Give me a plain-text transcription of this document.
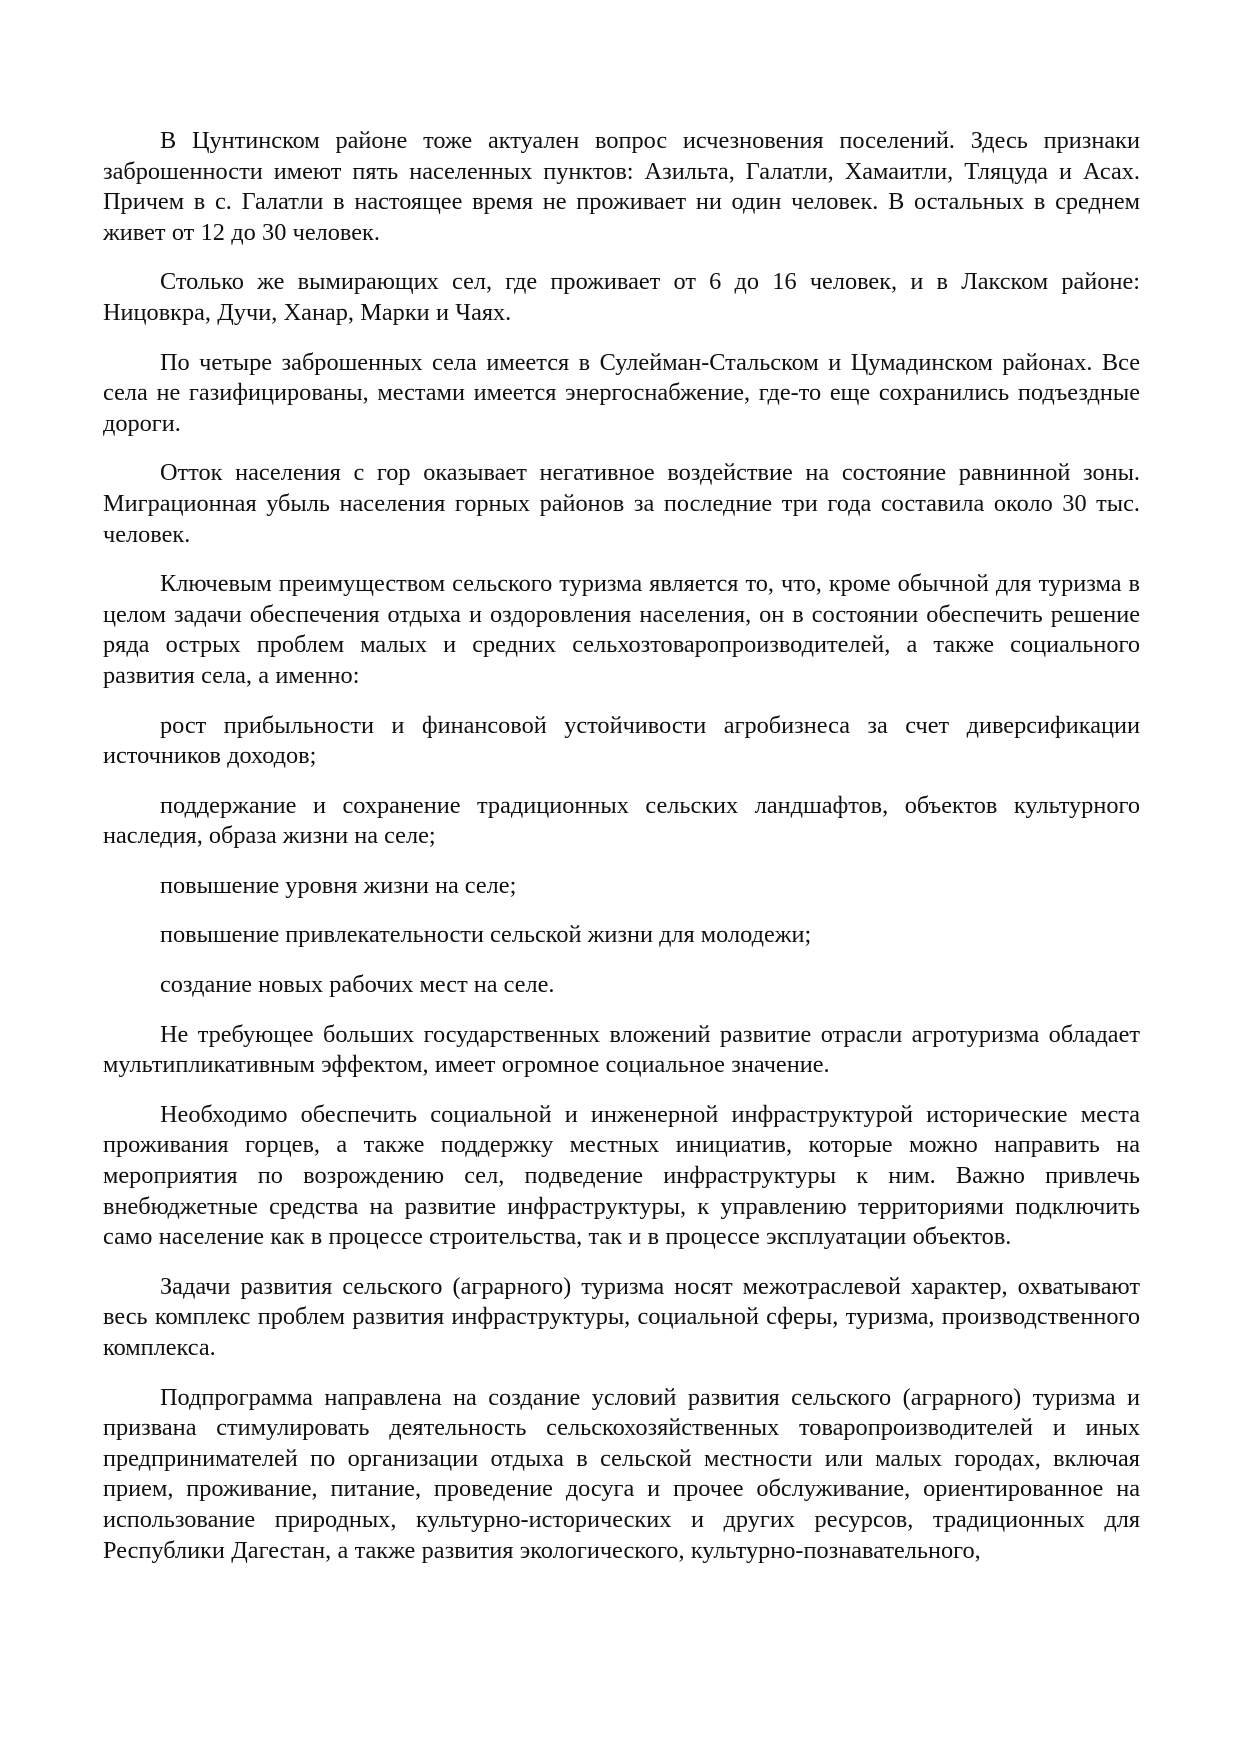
В Цунтинском районе тоже актуален вопрос исчезновения поселений. Здесь признаки заброшенности имеют пять населенных пунктов: Азильта, Галатли, Хамаитли, Тляцуда и Асах. Причем в с. Галатли в настоящее время не проживает ни один человек. В остальных в среднем живет от 12 до 30 человек.

Столько же вымирающих сел, где проживает от 6 до 16 человек, и в Лакском районе: Ницовкра, Дучи, Ханар, Марки и Чаях.

По четыре заброшенных села имеется в Сулейман-Стальском и Цумадинском районах. Все села не газифицированы, местами имеется энергоснабжение, где-то еще сохранились подъездные дороги.

Отток населения с гор оказывает негативное воздействие на состояние равнинной зоны. Миграционная убыль населения горных районов за последние три года составила около 30 тыс. человек.

Ключевым преимуществом сельского туризма является то, что, кроме обычной для туризма в целом задачи обеспечения отдыха и оздоровления населения, он в состоянии обеспечить решение ряда острых проблем малых и средних сельхозтоваропроизводителей, а также социального развития села, а именно:

рост прибыльности и финансовой устойчивости агробизнеса за счет диверсификации источников доходов;

поддержание и сохранение традиционных сельских ландшафтов, объектов культурного наследия, образа жизни на селе;

повышение уровня жизни на селе;

повышение привлекательности сельской жизни для молодежи;

создание новых рабочих мест на селе.

Не требующее больших государственных вложений развитие отрасли агротуризма обладает мультипликативным эффектом, имеет огромное социальное значение.

Необходимо обеспечить социальной и инженерной инфраструктурой исторические места проживания горцев, а также поддержку местных инициатив, которые можно направить на мероприятия по возрождению сел, подведение инфраструктуры к ним. Важно привлечь внебюджетные средства на развитие инфраструктуры, к управлению территориями подключить само население как в процессе строительства, так и в процессе эксплуатации объектов.

Задачи развития сельского (аграрного) туризма носят межотраслевой характер, охватывают весь комплекс проблем развития инфраструктуры, социальной сферы, туризма, производственного комплекса.

Подпрограмма направлена на создание условий развития сельского (аграрного) туризма и призвана стимулировать деятельность сельскохозяйственных товаропроизводителей и иных предпринимателей по организации отдыха в сельской местности или малых городах, включая прием, проживание, питание, проведение досуга и прочее обслуживание, ориентированное на использование природных, культурно-исторических и других ресурсов, традиционных для Республики Дагестан, а также развития экологического, культурно-познавательного,
